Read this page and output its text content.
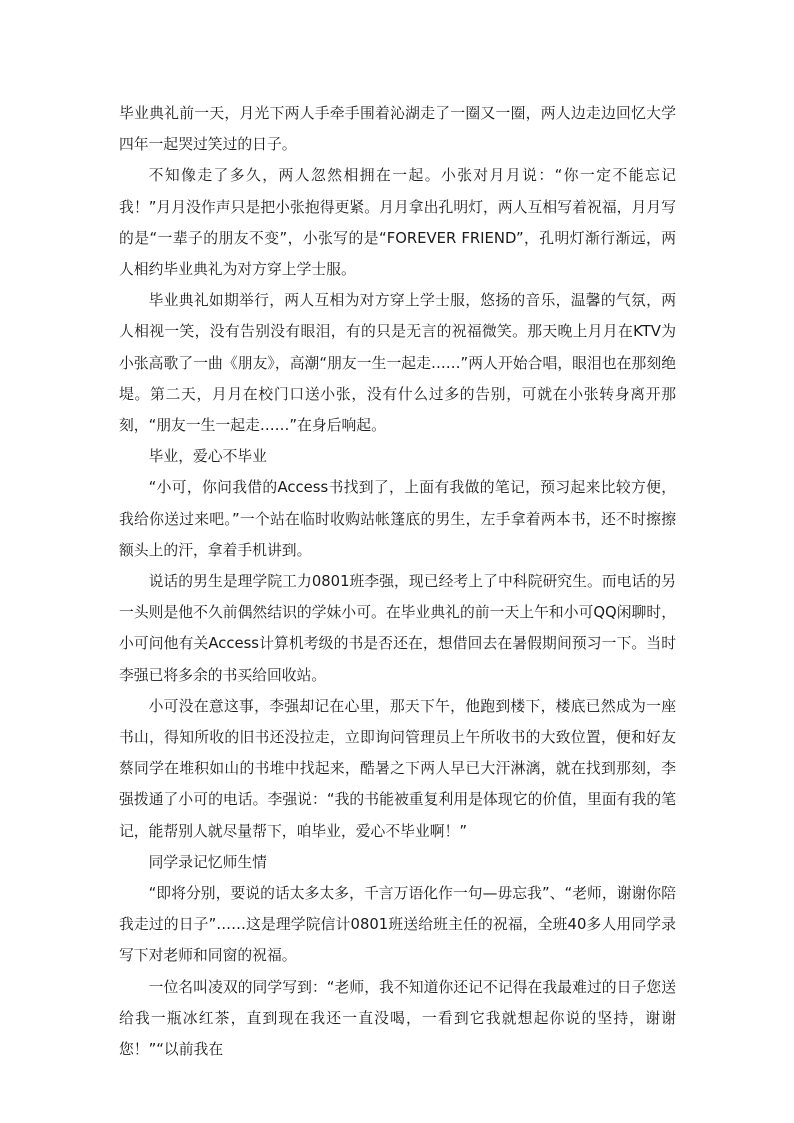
毕业典礼前一天，月光下两人手牵手围着沁湖走了一圈又一圈，两人边走边回忆大学四年一起哭过笑过的日子。

不知像走了多久，两人忽然相拥在一起。小张对月月说：“你一定不能忘记我！”月月没作声只是把小张抱得更紧。月月拿出孔明灯，两人互相写着祝福，月月写的是“一辈子的朋友不变”，小张写的是“FOREVER FRIEND”，孔明灯渐行渐远，两人相约毕业典礼为对方穿上学士服。

毕业典礼如期举行，两人互相为对方穿上学士服，悠扬的音乐，温馨的气氛，两人相视一笑，没有告别没有眼泪，有的只是无言的祝福微笑。那天晚上月月在KTV为小张高歌了一曲《朋友》，高潮“朋友一生一起走……”两人开始合唱，眼泪也在那刻绝堤。第二天，月月在校门口送小张，没有什么过多的告别，可就在小张转身离开那刻，“朋友一生一起走……”在身后响起。

毕业，爱心不毕业

“小可，你问我借的Access书找到了，上面有我做的笔记，预习起来比较方便，我给你送过来吧。”一个站在临时收购站帐篷底的男生，左手拿着两本书，还不时擦擦额头上的汗，拿着手机讲到。

说话的男生是理学院工力0801班李强，现已经考上了中科院研究生。而电话的另一头则是他不久前偶然结识的学妹小可。在毕业典礼的前一天上午和小可QQ闲聊时，小可问他有关Access计算机考级的书是否还在，想借回去在暑假期间预习一下。当时李强已将多余的书买给回收站。

小可没在意这事，李强却记在心里，那天下午，他跑到楼下，楼底已然成为一座书山，得知所收的旧书还没拉走，立即询问管理员上午所收书的大致位置，便和好友蔡同学在堆积如山的书堆中找起来，酷暑之下两人早已大汗淋漓，就在找到那刻，李强拨通了小可的电话。李强说：“我的书能被重复利用是体现它的价值，里面有我的笔记，能帮别人就尽量帮下，咱毕业，爱心不毕业啊！”

同学录记忆师生情

“即将分别，要说的话太多太多，千言万语化作一句—毋忘我”、“老师，谢谢你陪我走过的日子”……这是理学院信计0801班送给班主任的祝福，全班40多人用同学录写下对老师和同窗的祝福。

一位名叫凌双的同学写到：“老师，我不知道你还记不记得在我最难过的日子您送给我一瓶冰红茶，直到现在我还一直没喝，一看到它我就想起你说的坚持，谢谢您！”“以前我在
